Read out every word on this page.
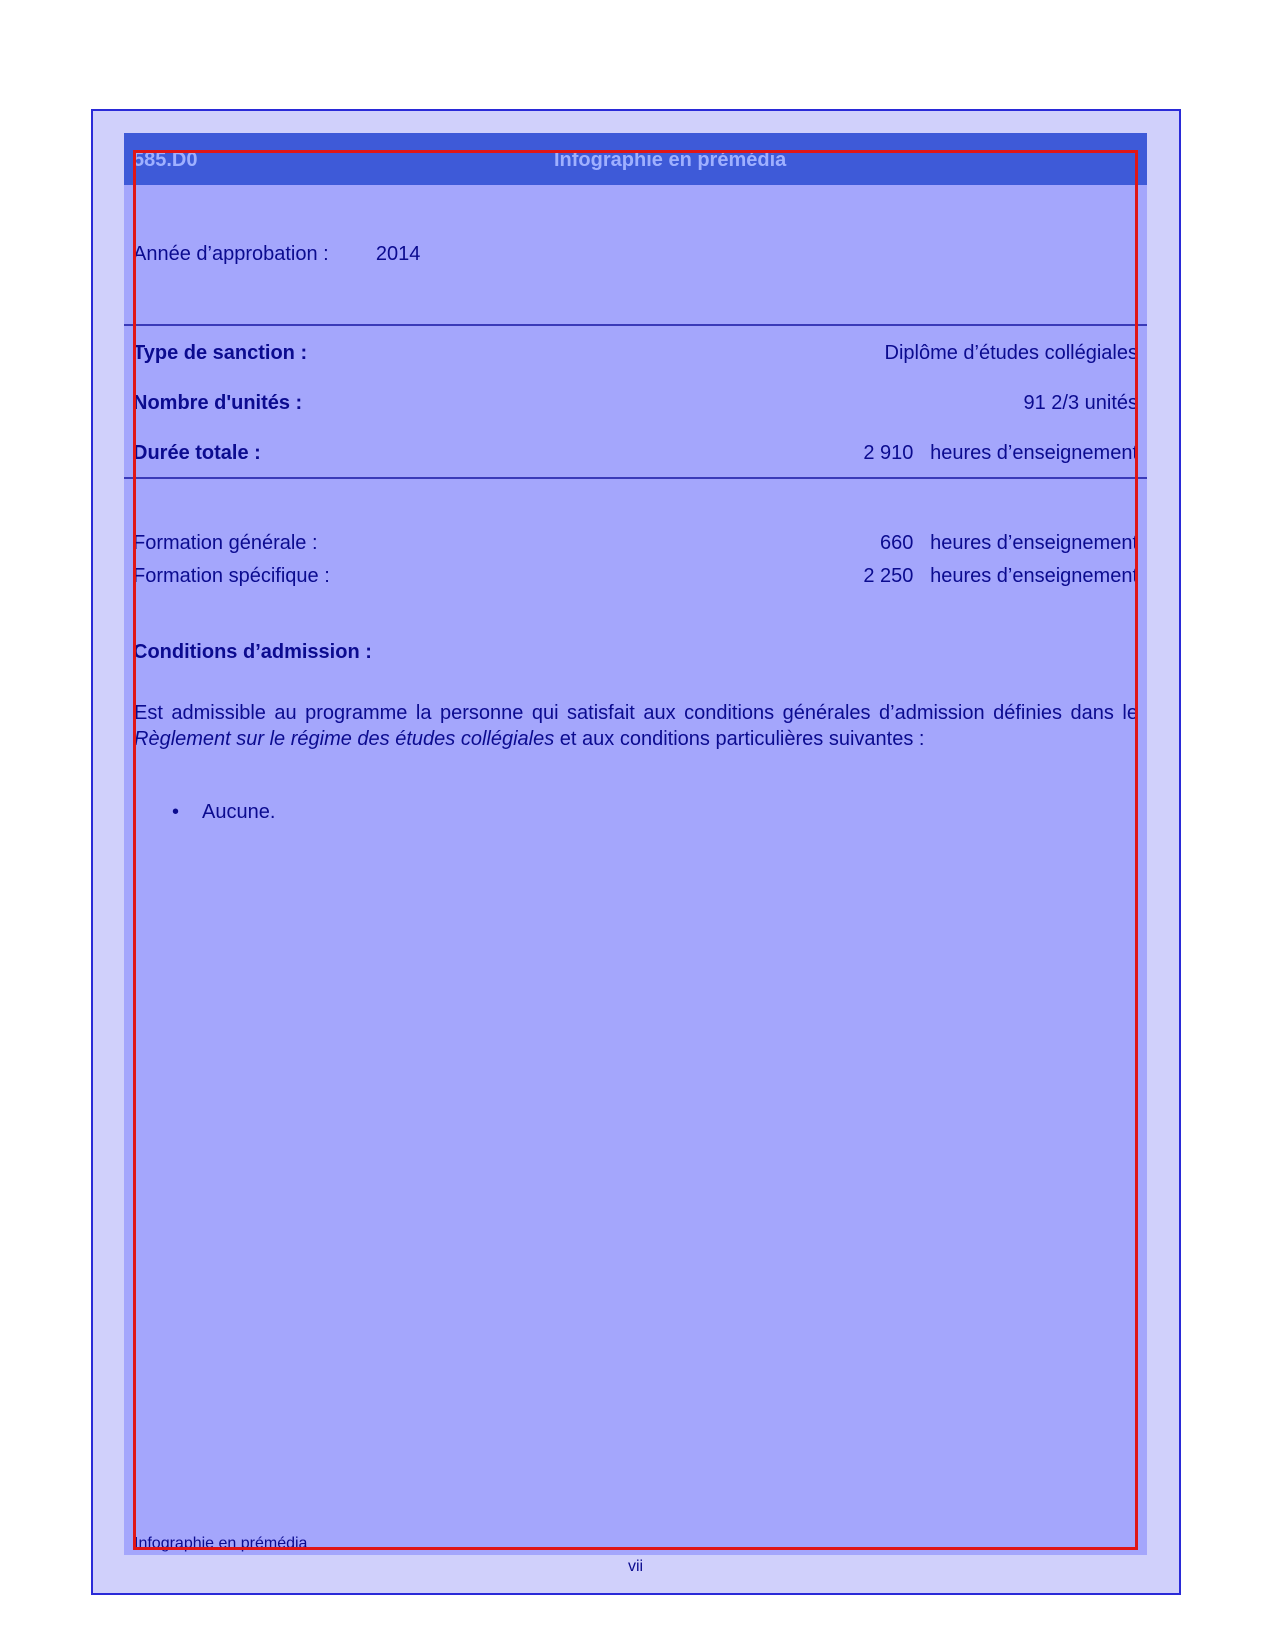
585.D0	Infographie en prémédia
Année d’approbation : 2014
Type de sanction :	Diplôme d’études collégiales
Nombre d'unités :	91 2/3 unités
Durée totale :	2 910 heures d’enseignement
Formation générale :	660 heures d’enseignement
Formation spécifique :	2 250 heures d’enseignement
Conditions d’admission :
Est admissible au programme la personne qui satisfait aux conditions générales d’admission définies dans le Règlement sur le régime des études collégiales et aux conditions particulières suivantes :
• Aucune.
Infographie en prémédia
vii
